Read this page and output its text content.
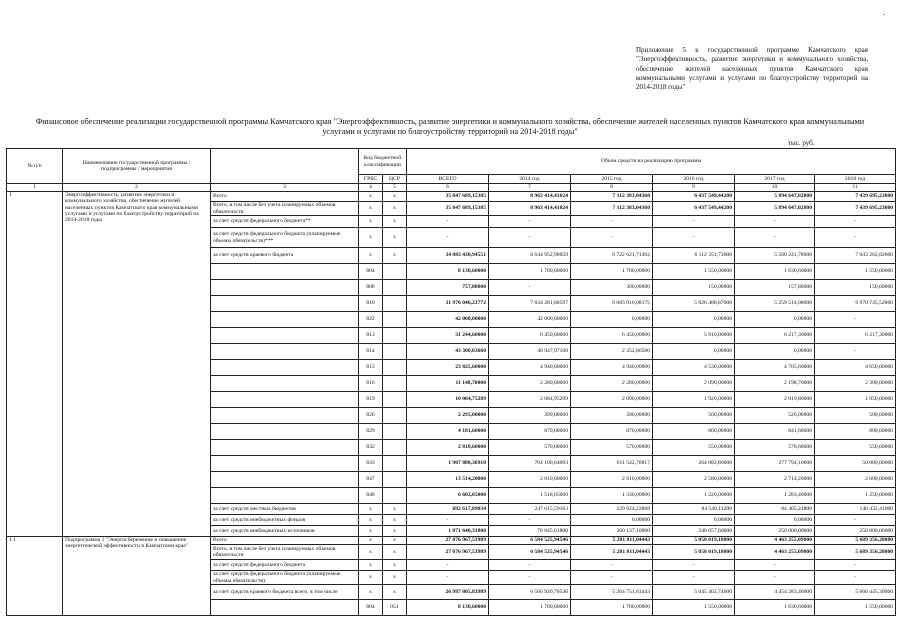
‑
Приложение 5 к государственной программе Камчатского края "Энергоэффективность, развитие энергетики и коммунального хозяйства, обеспечение жителей населенных пунктов Камчатского края коммунальными услугами и услугами по благоустройству территорий на 2014-2018 годы"
Финансовое обеспечение реализации государственной программы Камчатского края "Энергоэффективность, развитие энергетики и коммунального хозяйства, обеспечение жителей населенных пунктов Камчатского края коммунальными услугами и услугами по благоустройству территорий на 2014-2018 годы"
тыс. руб.
№ п/п	Наименование государственной программы / подпрограммы / мероприятия		Код бюджетной классификации		Объем средств на реализацию программы					
			ГРБС	ЦСР	ВСЕГО	2014 год	2015 год	2016 год	2017 год	2018 год
1	2	3	4	5	6	7	8	9	10	11
1	Энергоэффективность, развитие энергетики и коммунального хозяйства, обеспечение жителей населенных пунктов Камчатского края коммунальными услугами и услугами по благоустройству территорий на 2014-2018 годы	Всего	х	х	35 847 689,15385	8 963 414,41024	7 112 383,04360	6 437 549,44200	5 894 647,02800	7 439 695,23000
		Всего, в том числе без учета планируемых объемов обязательств	х	х	35 847 689,15385	8 963 414,41024	7 112 383,04360	6 437 549,44200	5 894 647,02800	7 439 695,23000
		за счет средств федерального бюджета**	х	х	-	-	-	-	-	-
		за счет средств федерального бюджета (планируемые объемы обязательств)***	х	х	-	-	-	-	-	-
		за счет средств краевого бюджета	х	х	34 083 430,94551	8 644 952,90059	6 722 621,71492	6 112 351,73000	5 560 241,78000	7 043 262,82000
			804		8 130,60000	1 700,00000	1 700,00000	1 550,00000	1 630,60000	1 550,00000
			808		757,80000	-	300,00000	150,00000	157,80000	150,00000
			810		31 976 046,23772	7 834 281,68597	6 085 016,08175	5 826 488,87000	5 259 514,08000	6 970 745,52000
			822		42 000,00000	42 000,00000	0,00000	0,00000	0,00000	-
			813		31 244,60000	6 450,00000	6 450,00000	5 910,00000	6 217,30000	6 217,30000
			814		43 300,83660	40 947,97160	2 352,86500	0,00000	0,00000	-
			815		23 825,60000	4 940,00000	4 940,00000	4 530,00000	4 765,60000	4 650,00000
			816		11 148,70000	2 280,00000	2 280,00000	2 090,00000	2 198,70000	2 300,00000
			819		10 064,75289	2 084,95209	2 090,00000	1 920,00000	2 019,80000	1 950,00000
			826		2 295,00000	399,00000	390,00000	500,00000	526,00000	500,00000
			829		4 181,60000	870,00000	870,00000	800,00000	841,60000	800,00000
			832		2 818,60000	570,00000	570,00000	550,00000	578,60000	550,00000
			833		1 907 880,36910	704 100,64093	611 542,76817	264 082,86000	277 794,10000	50 080,00000
			847		13 514,20000	2 810,00000	2 810,00000	2 580,00000	2 714,20000	2 600,00000
			848		6 602,05000	1 518,65000	1 330,00000	1 220,00000	1 283,40000	1 250,00000
		за счет средств местных бюджетов	х	х	692 617,89034	247 615,59163	129 624,22868	84 540,11200	84 405,24800	146 432,41000
		за счет средств внебюджетных фондов	х	х	-	-	0,00000	0,00000	0,00000	-
		за счет средств внебюджетных источников	х	х	1 071 640,31800	70 845,61800	260 137,10000	240 657,60000	250 000,00000	250 000,00000
1.1	Подпрограмма 1 "Энергосбережение и повышение энергетической эффективности в Камчатском крае"	Всего	х	х	27 076 967,53989	6 584 525,94546	5 281 811,04443	5 058 019,18000	4 463 255,09000	5 689 356,28000
		Всего, в том числе без учета планируемых объемов обязательств	х	х	27 076 967,53989	6 584 525,94546	5 281 811,04443	5 058 019,18000	4 463 255,09000	5 689 356,28000
		за счет средств федерального бюджета	х	х	-	-	-	-	-	-
		за счет средств федерального бюджета (планируемые объемы обязательств)	х	х	-	-	-	-	-	-
		за счет средств краевого бюджета всего, в том числе	х	х	26 987 805,83989	6 566 920,70546	5 264 751,63443	5 045 402,74000	4 454 283,46000	5 666 445,30000
			804	051	8 130,60000	1 700,00000	1 700,00000	1 550,00000	1 630,60000	1 550,00000
